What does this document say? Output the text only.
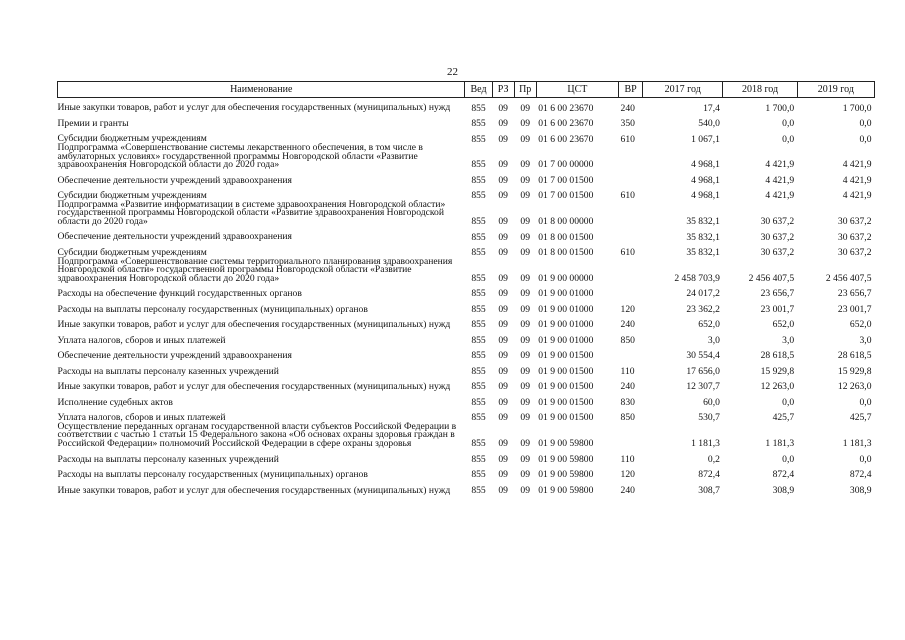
22
Наименование	Вед	РЗ	Пр	ЦСТ	ВР	2017 год	2018 год	2019 год
Иные закупки товаров, работ и услуг для обеспечения государственных (муниципальных) нужд	855	09	09	01 6 00 23670	240	17,4	1 700,0	1 700,0
Премии и гранты	855	09	09	01 6 00 23670	350	540,0	0,0	0,0
Субсидии бюджетным учреждениям	855	09	09	01 6 00 23670	610	1 067,1	0,0	0,0
Подпрограмма «Совершенствование системы лекарственного обеспечения, в том числе в амбулаторных условиях» государственной программы Новгородской области «Развитие здравоохранения Новгородской области до 2020 года»	855	09	09	01 7 00 00000		4 968,1	4 421,9	4 421,9
Обеспечение деятельности учреждений здравоохранения	855	09	09	01 7 00 01500		4 968,1	4 421,9	4 421,9
Субсидии бюджетным учреждениям	855	09	09	01 7 00 01500	610	4 968,1	4 421,9	4 421,9
Подпрограмма «Развитие информатизации в системе здравоохранения Новгородской области» государственной программы Новгородской области «Развитие здравоохранения Новгородской области до 2020 года»	855	09	09	01 8 00 00000		35 832,1	30 637,2	30 637,2
Обеспечение деятельности учреждений здравоохранения	855	09	09	01 8 00 01500		35 832,1	30 637,2	30 637,2
Субсидии бюджетным учреждениям	855	09	09	01 8 00 01500	610	35 832,1	30 637,2	30 637,2
Подпрограмма «Совершенствование системы территориального планирования здравоохранения Новгородской области» государственной программы Новгородской области «Развитие здравоохранения Новгородской области до 2020 года»	855	09	09	01 9 00 00000		2 458 703,9	2 456 407,5	2 456 407,5
Расходы на обеспечение функций государственных органов	855	09	09	01 9 00 01000		24 017,2	23 656,7	23 656,7
Расходы на выплаты персоналу государственных (муниципальных) органов	855	09	09	01 9 00 01000	120	23 362,2	23 001,7	23 001,7
Иные закупки товаров, работ и услуг для обеспечения государственных (муниципальных) нужд	855	09	09	01 9 00 01000	240	652,0	652,0	652,0
Уплата налогов, сборов и иных платежей	855	09	09	01 9 00 01000	850	3,0	3,0	3,0
Обеспечение деятельности учреждений здравоохранения	855	09	09	01 9 00 01500		30 554,4	28 618,5	28 618,5
Расходы на выплаты персоналу казенных учреждений	855	09	09	01 9 00 01500	110	17 656,0	15 929,8	15 929,8
Иные закупки товаров, работ и услуг для обеспечения государственных (муниципальных) нужд	855	09	09	01 9 00 01500	240	12 307,7	12 263,0	12 263,0
Исполнение судебных актов	855	09	09	01 9 00 01500	830	60,0	0,0	0,0
Уплата налогов, сборов и иных платежей	855	09	09	01 9 00 01500	850	530,7	425,7	425,7
Осуществление переданных органам государственной власти субъектов Российской Федерации в соответствии с частью 1 статьи 15 Федерального закона «Об основах охраны здоровья граждан в Российской Федерации» полномочий Российской Федерации в сфере охраны здоровья	855	09	09	01 9 00 59800		1 181,3	1 181,3	1 181,3
Расходы на выплаты персоналу казенных учреждений	855	09	09	01 9 00 59800	110	0,2	0,0	0,0
Расходы на выплаты персоналу государственных (муниципальных) органов	855	09	09	01 9 00 59800	120	872,4	872,4	872,4
Иные закупки товаров, работ и услуг для обеспечения государственных (муниципальных) нужд	855	09	09	01 9 00 59800	240	308,7	308,9	308,9
